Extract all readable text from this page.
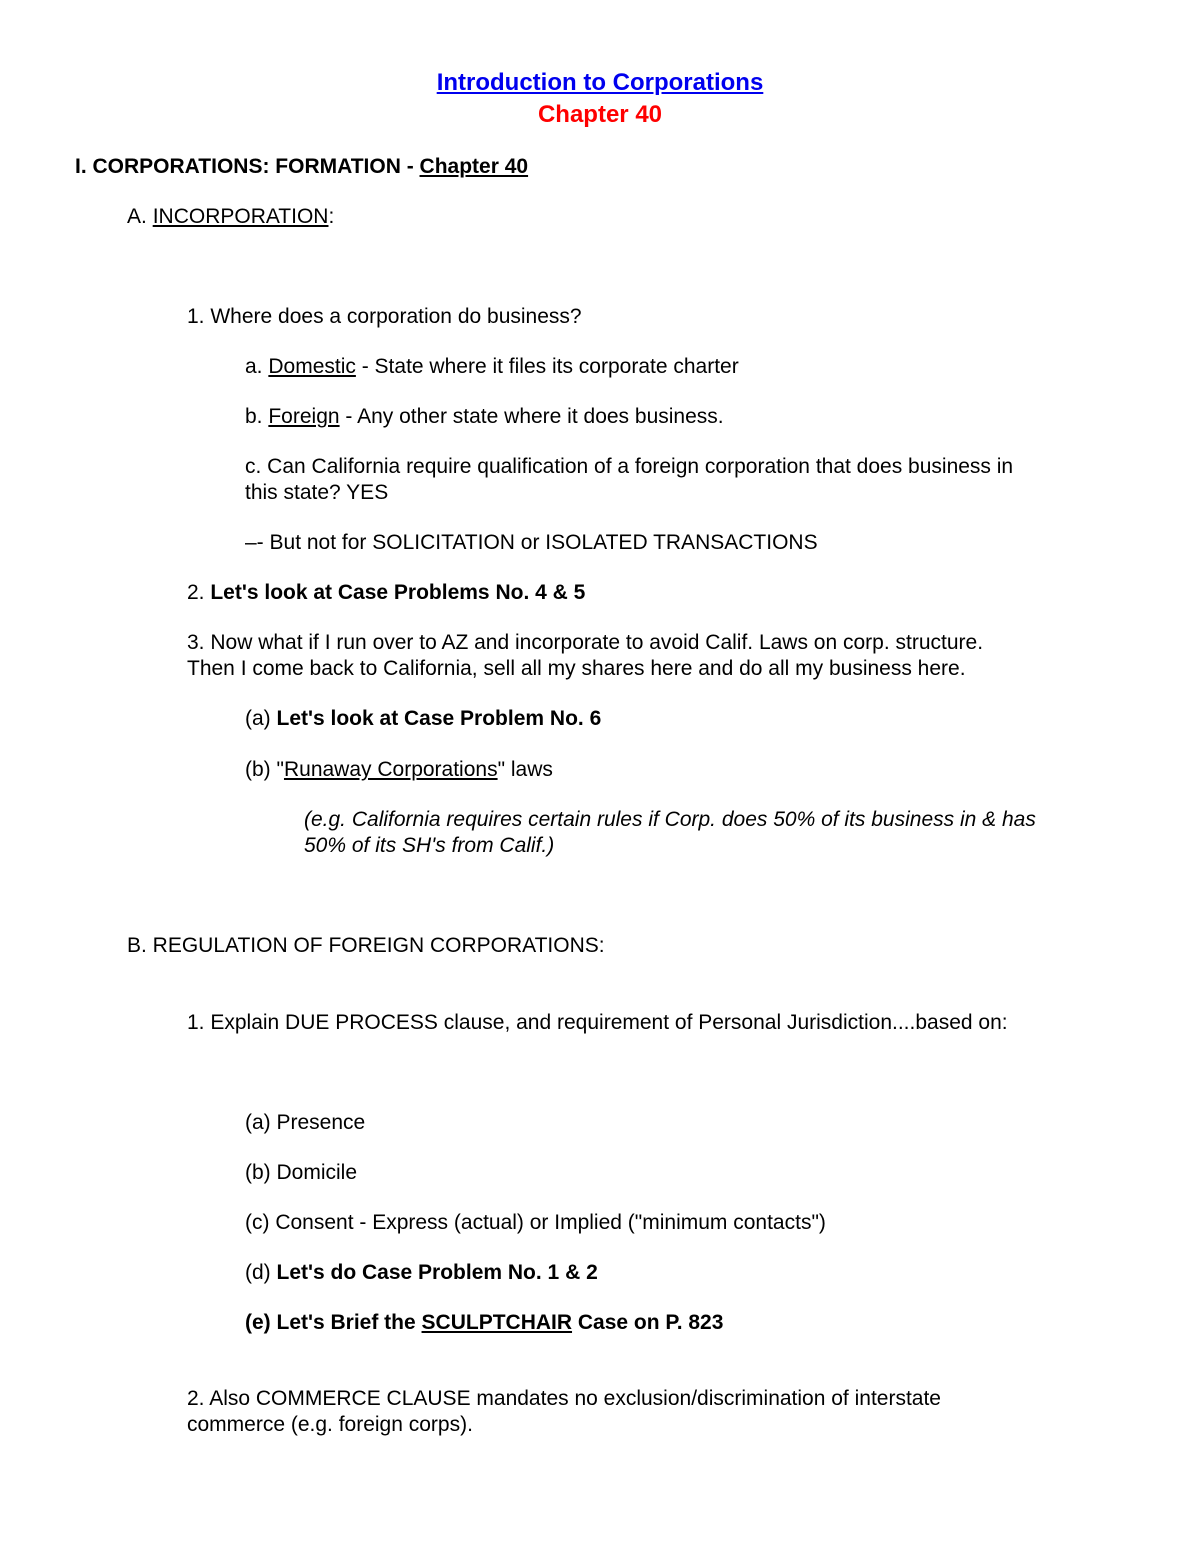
Introduction to Corporations
Chapter 40
I. CORPORATIONS: FORMATION - Chapter 40
A. INCORPORATION:
1. Where does a corporation do business?
a. Domestic - State where it files its corporate charter
b. Foreign - Any other state where it does business.
c. Can California require qualification of a foreign corporation that does business in
this state? YES
–- But not for SOLICITATION or ISOLATED TRANSACTIONS
2. Let's look at Case Problems No. 4 & 5
3. Now what if I run over to AZ and incorporate to avoid Calif. Laws on corp. structure.
Then I come back to California, sell all my shares here and do all my business here.
(a) Let's look at Case Problem No. 6
(b) "Runaway Corporations" laws
(e.g. California requires certain rules if Corp. does 50% of its business in & has
50% of its SH's from Calif.)
B. REGULATION OF FOREIGN CORPORATIONS:
1. Explain DUE PROCESS clause, and requirement of Personal Jurisdiction....based on:
(a) Presence
(b) Domicile
(c) Consent - Express (actual) or Implied ("minimum contacts")
(d) Let's do Case Problem No. 1 & 2
(e) Let's Brief the SCULPTCHAIR Case on P. 823
2. Also COMMERCE CLAUSE mandates no exclusion/discrimination of interstate
commerce (e.g. foreign corps).
